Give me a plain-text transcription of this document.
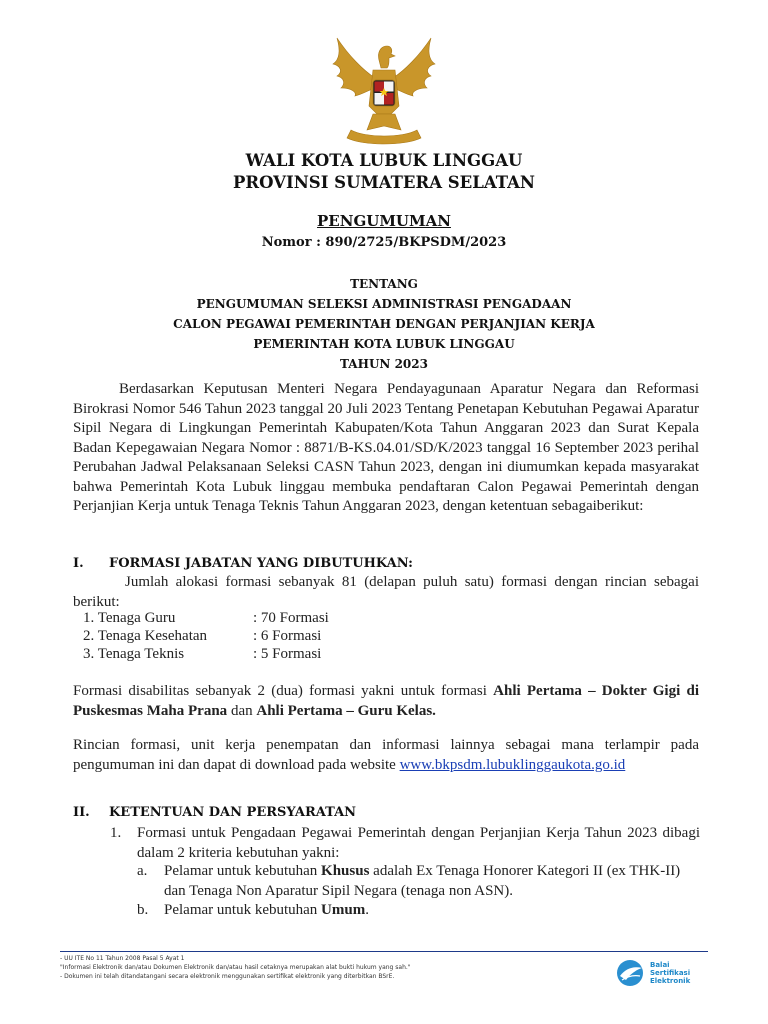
WALI KOTA LUBUK LINGGAU
PROVINSI SUMATERA SELATAN
PENGUMUMAN
Nomor : 890/2725/BKPSDM/2023
TENTANG
PENGUMUMAN SELEKSI ADMINISTRASI PENGADAAN
CALON PEGAWAI PEMERINTAH DENGAN PERJANJIAN KERJA
PEMERINTAH KOTA LUBUK LINGGAU
TAHUN 2023

Berdasarkan Keputusan Menteri Negara Pendayagunaan Aparatur Negara dan Reformasi Birokrasi Nomor 546 Tahun 2023 tanggal 20 Juli 2023 Tentang Penetapan Kebutuhan Pegawai Aparatur Sipil Negara di Lingkungan Pemerintah Kabupaten/Kota Tahun Anggaran 2023 dan Surat Kepala Badan Kepegawaian Negara Nomor : 8871/B-KS.04.01/SD/K/2023 tanggal 16 September 2023 perihal Perubahan Jadwal Pelaksanaan Seleksi CASN Tahun 2023, dengan ini diumumkan kepada masyarakat bahwa Pemerintah Kota Lubuk linggau membuka pendaftaran Calon Pegawai Pemerintah dengan Perjanjian Kerja untuk Tenaga Teknis Tahun Anggaran 2023, dengan ketentuan sebagaiberikut:

I. FORMASI JABATAN YANG DIBUTUHKAN:

Jumlah alokasi formasi sebanyak 81 (delapan puluh satu) formasi dengan rincian sebagai berikut:

1. Tenaga Guru	: 70 Formasi
2. Tenaga Kesehatan	: 6 Formasi
3. Tenaga Teknis	: 5 Formasi

Formasi disabilitas sebanyak 2 (dua) formasi yakni untuk formasi Ahli Pertama – Dokter Gigi di Puskesmas Maha Prana dan Ahli Pertama – Guru Kelas.

Rincian formasi, unit kerja penempatan dan informasi lainnya sebagai mana terlampir pada pengumuman ini dan dapat di download pada website www.bkpsdm.lubuklinggaukota.go.id

II. KETENTUAN DAN PERSYARATAN
1. Formasi untuk Pengadaan Pegawai Pemerintah dengan Perjanjian Kerja Tahun 2023 dibagi dalam 2 kriteria kebutuhan yakni:
a. Pelamar untuk kebutuhan Khusus adalah Ex Tenaga Honorer Kategori II (ex THK-II) dan Tenaga Non Aparatur Sipil Negara (tenaga non ASN).
b. Pelamar untuk kebutuhan Umum.
- UU ITE No 11 Tahun 2008 Pasal 5 Ayat 1
"Informasi Elektronik dan/atau Dokumen Elektronik dan/atau hasil cetaknya merupakan alat bukti hukum yang sah."
- Dokumen ini telah ditandatangani secara elektronik menggunakan sertifikat elektronik yang diterbitkan BSrE.
Balai
Sertifikasi
Elektronik
